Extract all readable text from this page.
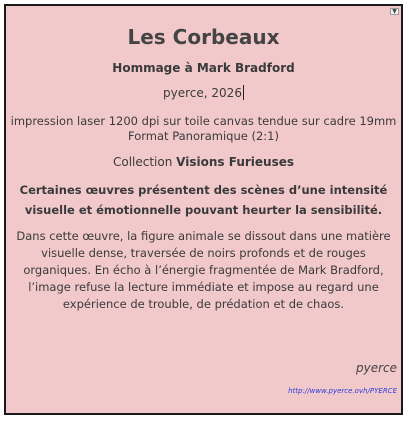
▼
Les Corbeaux
Hommage à Mark Bradford
pyerce, 2026
impression laser 1200 dpi sur toile canvas tendue sur cadre 19mm
Format Panoramique (2:1)
Collection Visions Furieuses
Certaines œuvres présentent des scènes d’une intensité visuelle et émotionnelle pouvant heurter la sensibilité.
Dans cette œuvre, la figure animale se dissout dans une matière visuelle dense, traversée de noirs profonds et de rouges organiques. En écho à l’énergie fragmentée de Mark Bradford, l’image refuse la lecture immédiate et impose au regard une expérience de trouble, de prédation et de chaos.
pyerce
http://www.pyerce.ovh/PYERCE
